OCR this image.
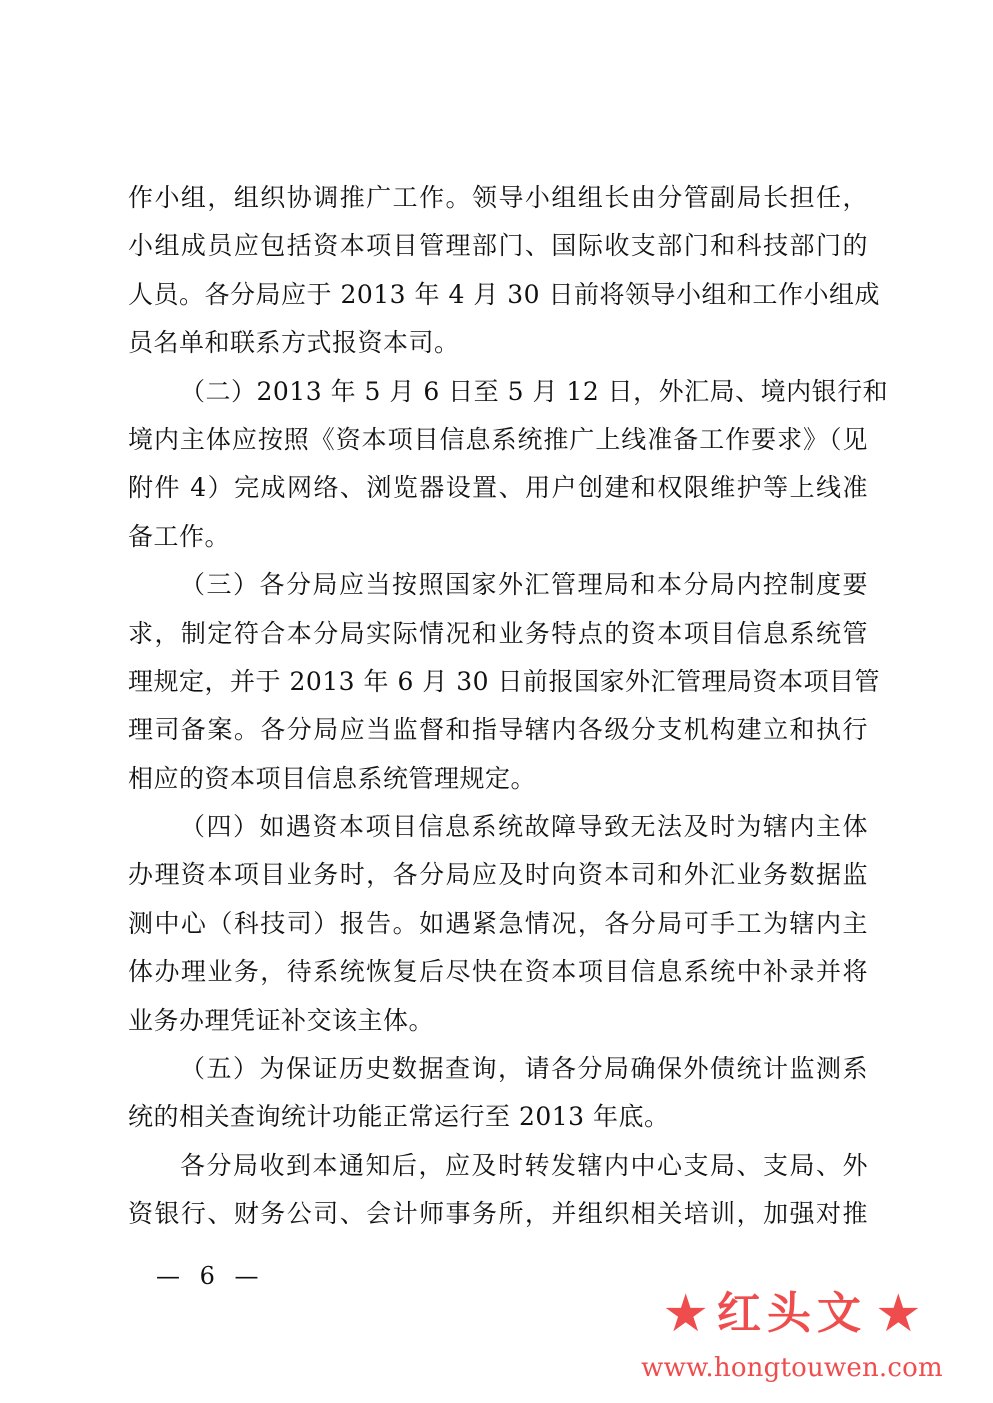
作小组，组织协调推广工作。领导小组组长由分管副局长担任，
小组成员应包括资本项目管理部门、国际收支部门和科技部门的
人员。各分局应于 2013 年 4 月 30 日前将领导小组和工作小组成
员名单和联系方式报资本司。
（二）2013 年 5 月 6 日至 5 月 12 日，外汇局、境内银行和
境内主体应按照《资本项目信息系统推广上线准备工作要求》（见
附件 4）完成网络、浏览器设置、用户创建和权限维护等上线准
备工作。
（三）各分局应当按照国家外汇管理局和本分局内控制度要
求，制定符合本分局实际情况和业务特点的资本项目信息系统管
理规定，并于 2013 年 6 月 30 日前报国家外汇管理局资本项目管
理司备案。各分局应当监督和指导辖内各级分支机构建立和执行
相应的资本项目信息系统管理规定。
（四）如遇资本项目信息系统故障导致无法及时为辖内主体
办理资本项目业务时，各分局应及时向资本司和外汇业务数据监
测中心（科技司）报告。如遇紧急情况，各分局可手工为辖内主
体办理业务，待系统恢复后尽快在资本项目信息系统中补录并将
业务办理凭证补交该主体。
（五）为保证历史数据查询，请各分局确保外债统计监测系
统的相关查询统计功能正常运行至 2013 年底。
各分局收到本通知后，应及时转发辖内中心支局、支局、外
资银行、财务公司、会计师事务所，并组织相关培训，加强对推
— 6 —
★ 红头文 ★
www.hongtouwen.com
